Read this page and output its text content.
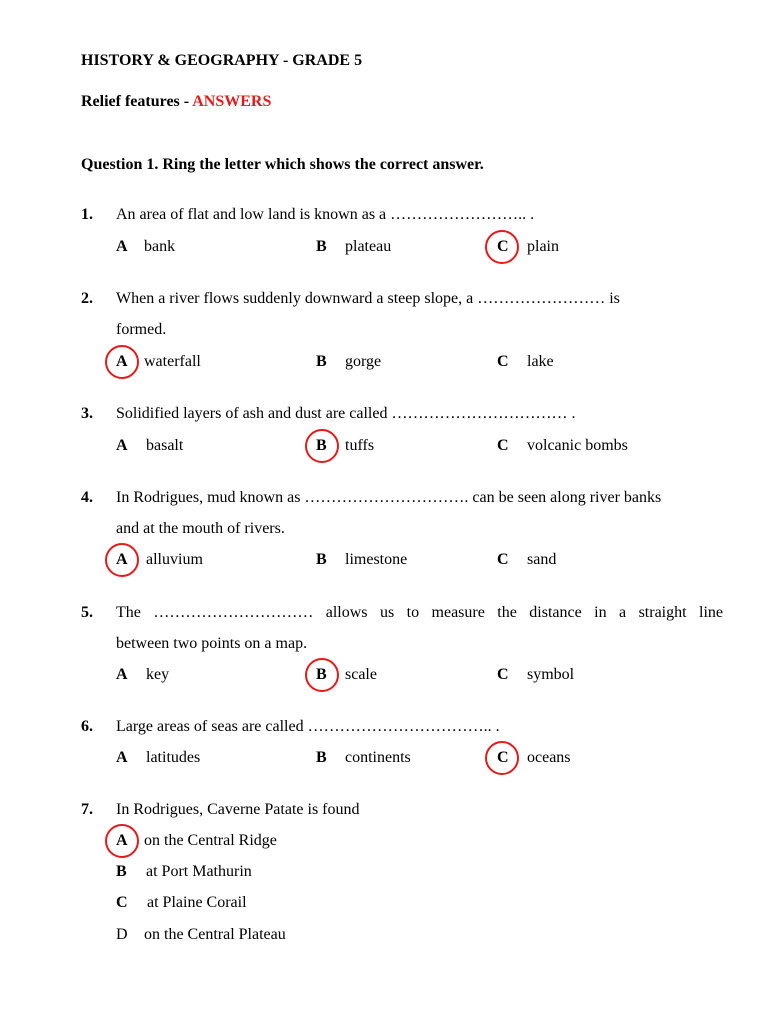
HISTORY & GEOGRAPHY - GRADE 5
Relief features - ANSWERS
Question 1. Ring the letter which shows the correct answer.
1. An area of flat and low land is known as a …………………….. .
A bank	B plateau	C plain
2. When a river flows suddenly downward a steep slope, a …………………… is
formed.
A waterfall	B gorge	C lake
3. Solidified layers of ash and dust are called …………………………… .
A basalt	B tuffs	C volcanic bombs
4. In Rodrigues, mud known as …………………………. can be seen along river banks
and at the mouth of rivers.
A alluvium	B limestone	C sand
5. The ………………………… allows us to measure the distance in a straight line
between two points on a map.
A key	B scale	C symbol
6. Large areas of seas are called …………………………….. .
A latitudes	B continents	C oceans
7. In Rodrigues, Caverne Patate is found
A on the Central Ridge
B at Port Mathurin
C at Plaine Corail
D on the Central Plateau
